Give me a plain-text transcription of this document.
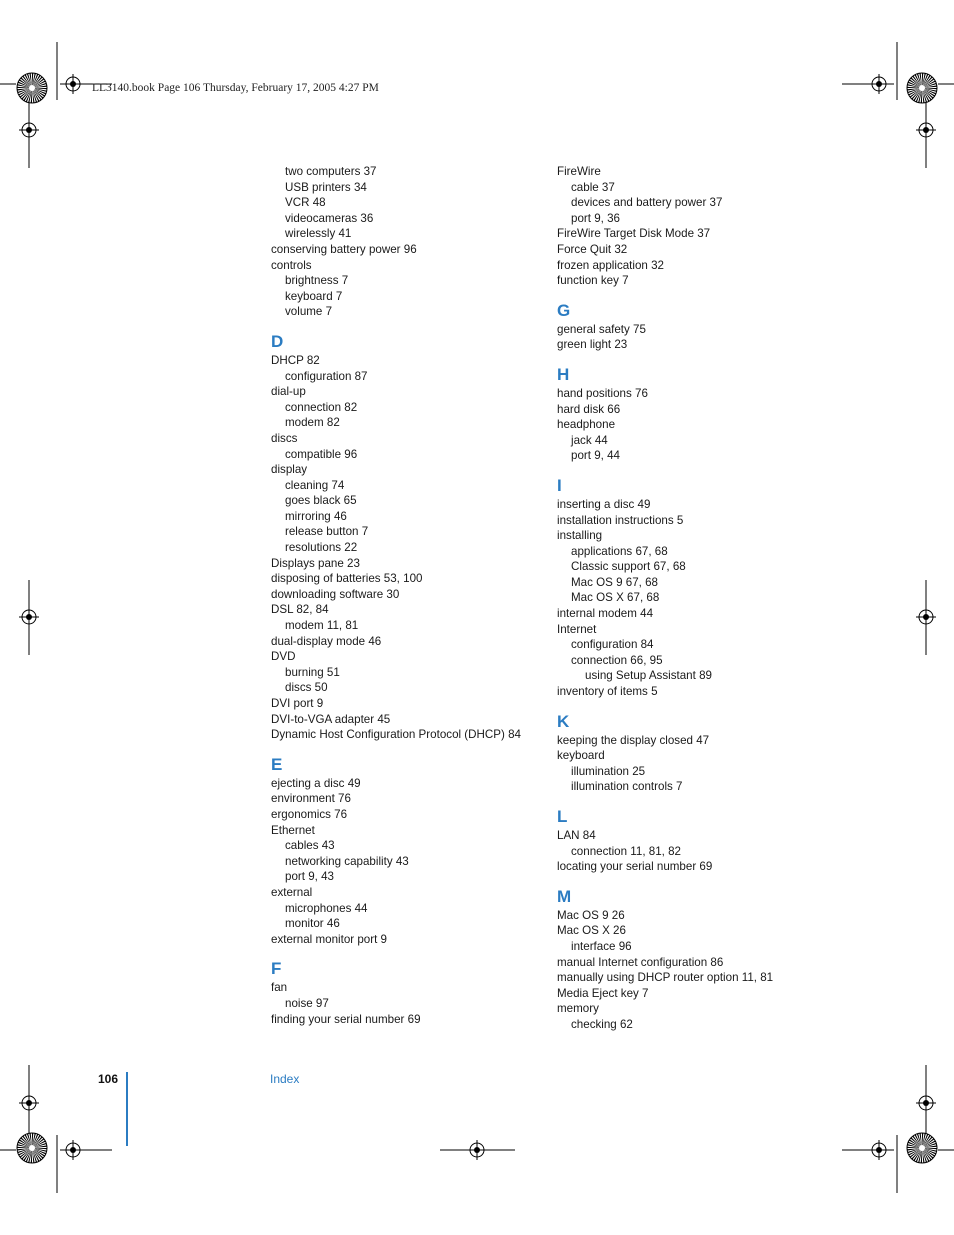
LL3140.book Page 106 Thursday, February 17, 2005 4:27 PM
two computers 37
USB printers 34
VCR 48
videocameras 36
wirelessly 41
conserving battery power 96
controls
brightness 7
keyboard 7
volume 7
D
DHCP 82
configuration 87
dial-up
connection 82
modem 82
discs
compatible 96
display
cleaning 74
goes black 65
mirroring 46
release button 7
resolutions 22
Displays pane 23
disposing of batteries 53, 100
downloading software 30
DSL 82, 84
modem 11, 81
dual-display mode 46
DVD
burning 51
discs 50
DVI port 9
DVI-to-VGA adapter 45
Dynamic Host Configuration Protocol (DHCP) 84
E
ejecting a disc 49
environment 76
ergonomics 76
Ethernet
cables 43
networking capability 43
port 9, 43
external
microphones 44
monitor 46
external monitor port 9
F
fan
noise 97
finding your serial number 69
FireWire
cable 37
devices and battery power 37
port 9, 36
FireWire Target Disk Mode 37
Force Quit 32
frozen application 32
function key 7
G
general safety 75
green light 23
H
hand positions 76
hard disk 66
headphone
jack 44
port 9, 44
I
inserting a disc 49
installation instructions 5
installing
applications 67, 68
Classic support 67, 68
Mac OS 9 67, 68
Mac OS X 67, 68
internal modem 44
Internet
configuration 84
connection 66, 95
using Setup Assistant 89
inventory of items 5
K
keeping the display closed 47
keyboard
illumination 25
illumination controls 7
L
LAN 84
connection 11, 81, 82
locating your serial number 69
M
Mac OS 9 26
Mac OS X 26
interface 96
manual Internet configuration 86
manually using DHCP router option 11, 81
Media Eject key 7
memory
checking 62
106	Index
